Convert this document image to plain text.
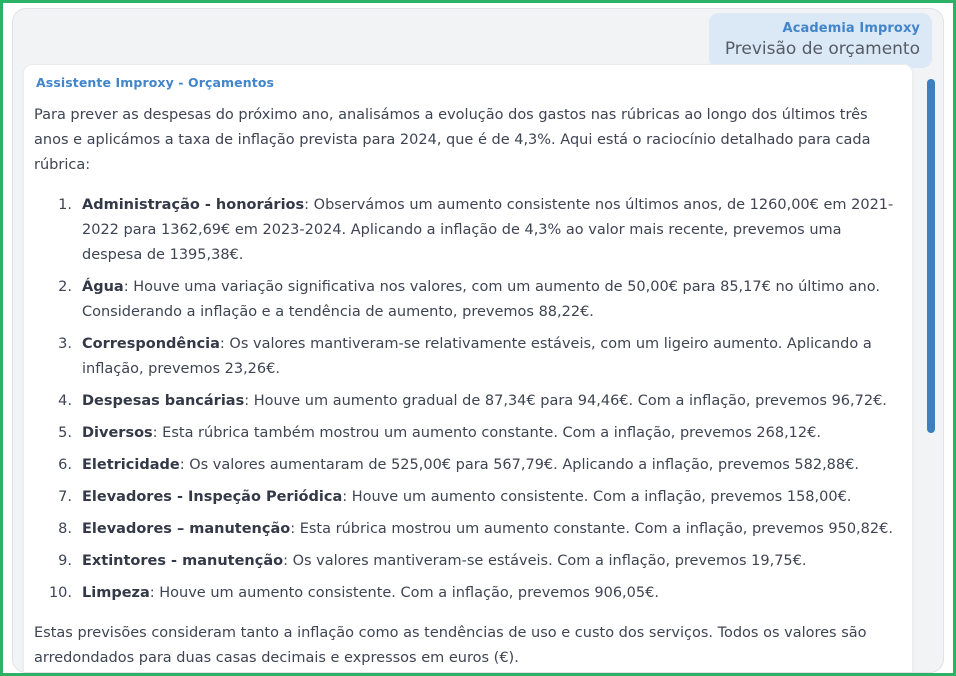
Academia Improxy
Previsão de orçamento
Assistente Improxy - Orçamentos

Para prever as despesas do próximo ano, analisámos a evolução dos gastos nas rúbricas ao longo dos últimos três anos e aplicámos a taxa de inflação prevista para 2024, que é de 4,3%. Aqui está o raciocínio detalhado para cada rúbrica:

Administração - honorários: Observámos um aumento consistente nos últimos anos, de 1260,00€ em 2021-2022 para 1362,69€ em 2023-2024. Aplicando a inflação de 4,3% ao valor mais recente, prevemos uma despesa de 1395,38€.
Água: Houve uma variação significativa nos valores, com um aumento de 50,00€ para 85,17€ no último ano. Considerando a inflação e a tendência de aumento, prevemos 88,22€.
Correspondência: Os valores mantiveram-se relativamente estáveis, com um ligeiro aumento. Aplicando a inflação, prevemos 23,26€.
Despesas bancárias: Houve um aumento gradual de 87,34€ para 94,46€. Com a inflação, prevemos 96,72€.
Diversos: Esta rúbrica também mostrou um aumento constante. Com a inflação, prevemos 268,12€.
Eletricidade: Os valores aumentaram de 525,00€ para 567,79€. Aplicando a inflação, prevemos 582,88€.
Elevadores - Inspeção Periódica: Houve um aumento consistente. Com a inflação, prevemos 158,00€.
Elevadores – manutenção: Esta rúbrica mostrou um aumento constante. Com a inflação, prevemos 950,82€.
Extintores - manutenção: Os valores mantiveram-se estáveis. Com a inflação, prevemos 19,75€.
Limpeza: Houve um aumento consistente. Com a inflação, prevemos 906,05€.

Estas previsões consideram tanto a inflação como as tendências de uso e custo dos serviços. Todos os valores são arredondados para duas casas decimais e expressos em euros (€).
